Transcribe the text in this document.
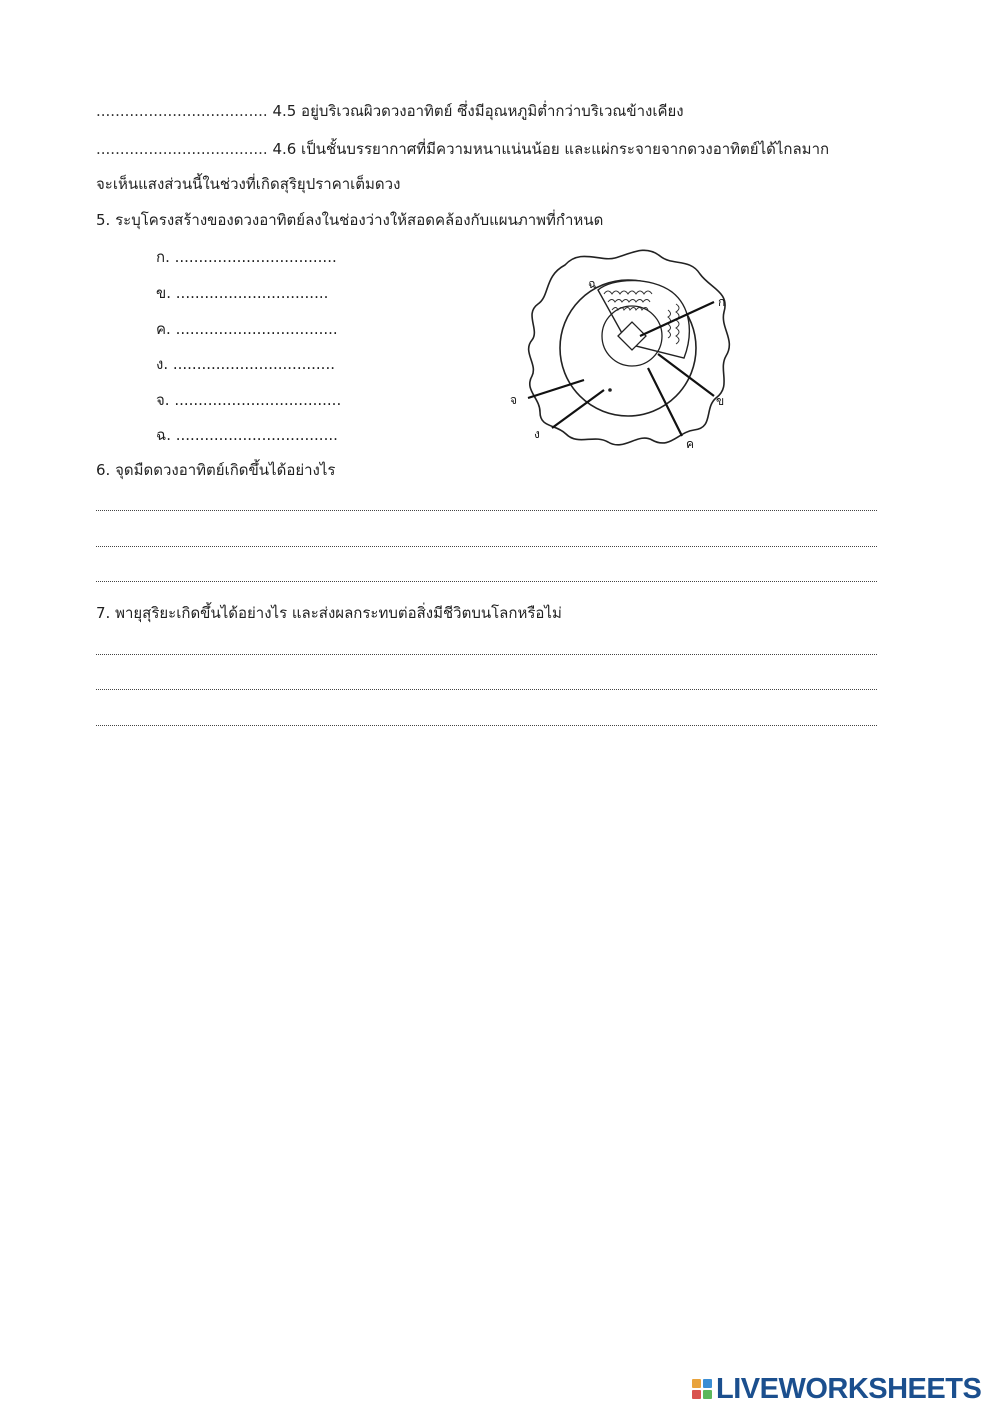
.................................... 4.5 อยู่บริเวณผิวดวงอาทิตย์ ซึ่งมีอุณหภูมิต่ำกว่าบริเวณข้างเคียง
.................................... 4.6 เป็นชั้นบรรยากาศที่มีความหนาแน่นน้อย และแผ่กระจายจากดวงอาทิตย์ได้ไกลมาก
จะเห็นแสงส่วนนี้ในช่วงที่เกิดสุริยุปราคาเต็มดวง
5. ระบุโครงสร้างของดวงอาทิตย์ลงในช่องว่างให้สอดคล้องกับแผนภาพที่กำหนด
ก. ..................................
ข. ................................
ค. ..................................
ง. ..................................
จ. ...................................
ฉ. ..................................
ก
ข
ค
ง
จ
ฉ
6. จุดมืดดวงอาทิตย์เกิดขึ้นได้อย่างไร
7. พายุสุริยะเกิดขึ้นได้อย่างไร และส่งผลกระทบต่อสิ่งมีชีวิตบนโลกหรือไม่
LIVEWORKSHEETS
